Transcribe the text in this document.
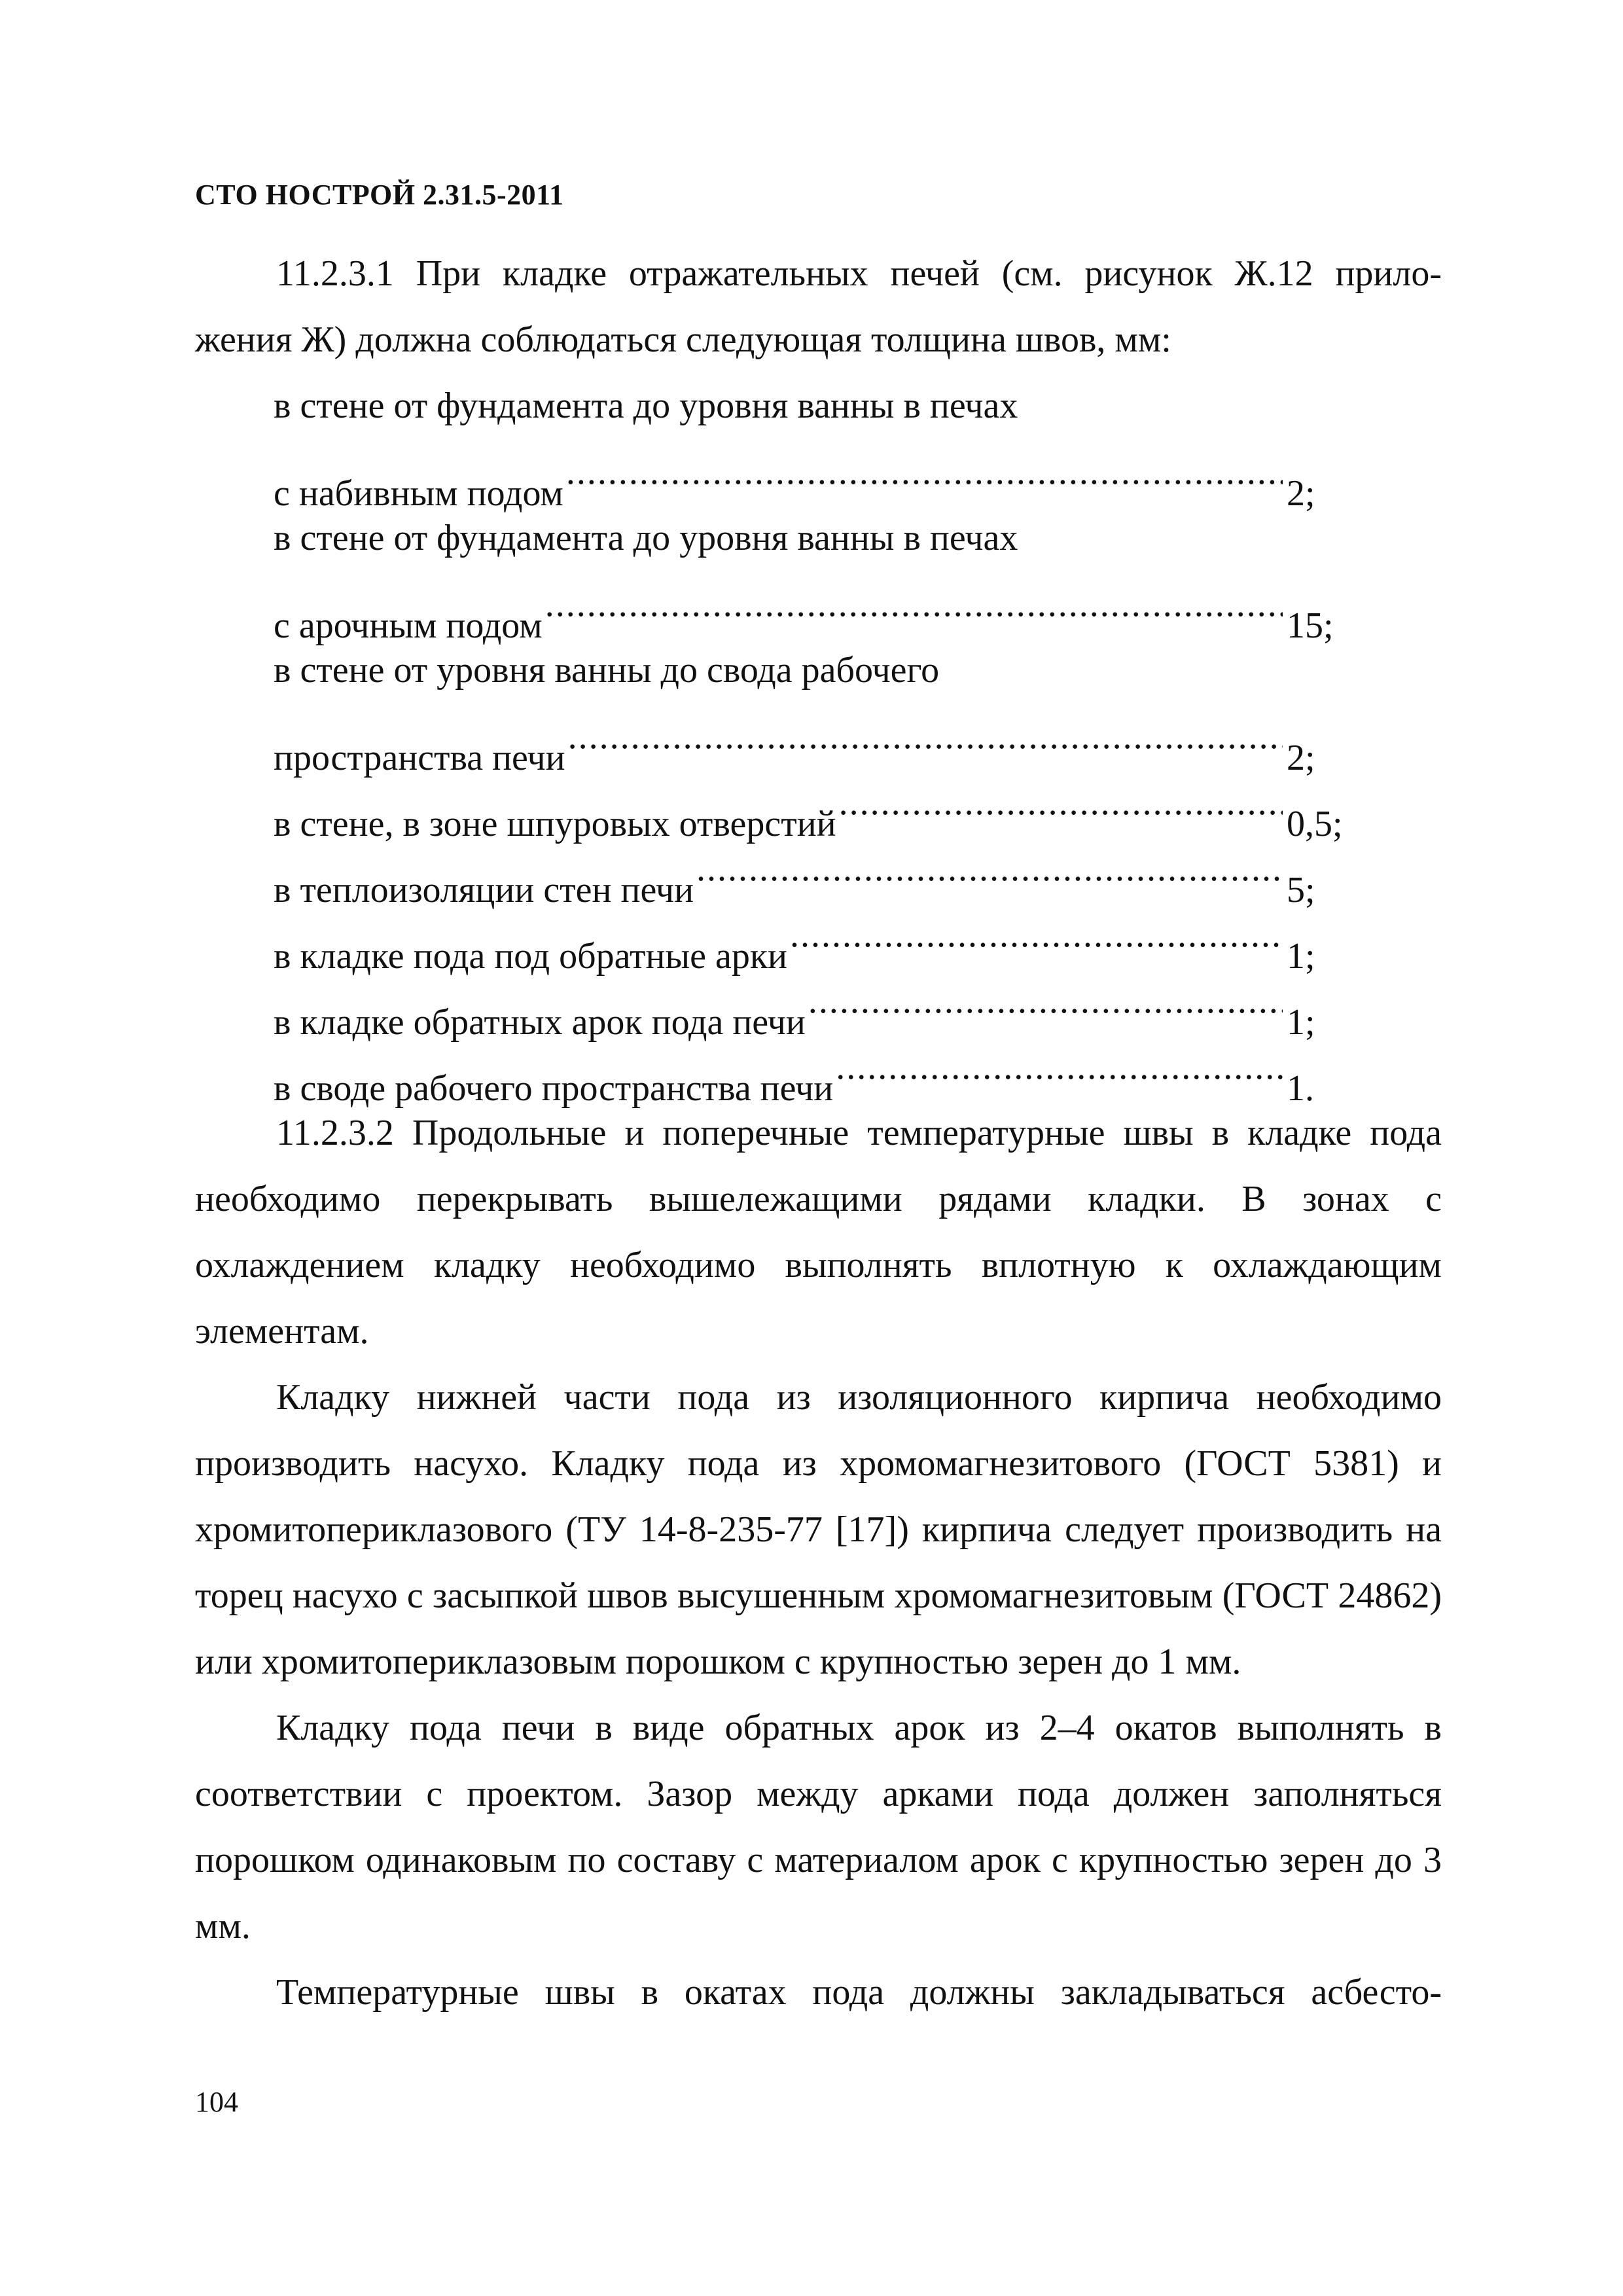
СТО НОСТРОЙ 2.31.5-2011
11.2.3.1 При кладке отражательных печей (см. рисунок Ж.12 прило-
жения Ж) должна соблюдаться следующая толщина швов, мм:
в стене от фундамента до уровня ванны в печах
с набивным подом .....	2;
в стене от фундамента до уровня ванны в печах
с арочным подом .....	15;
в стене от уровня ванны до свода рабочего
пространства печи .....	2;
в стене, в зоне шпуровых отверстий .....	0,5;
в теплоизоляции стен печи .....	5;
в кладке пода под обратные арки .....	1;
в кладке обратных арок пода печи .....	1;
в своде рабочего пространства печи .....	1.

11.2.3.2 Продольные и поперечные температурные швы в кладке пода необходимо перекрывать вышележащими рядами кладки. В зонах с охлаждением кладку необходимо выполнять вплотную к охлаждающим элементам.

Кладку нижней части пода из изоляционного кирпича необходимо производить насухо. Кладку пода из хромомагнезитового (ГОСТ 5381) и хромитопериклазового (ТУ 14-8-235-77 [17]) кирпича следует производить на торец насухо с засыпкой швов высушенным хромомагнезитовым (ГОСТ 24862) или хромитопериклазовым порошком с крупностью зерен до 1 мм.

Кладку пода печи в виде обратных арок из 2–4 окатов выполнять в соответствии с проектом. Зазор между арками пода должен заполняться порошком одинаковым по составу с материалом арок с крупностью зерен до 3 мм.

Температурные швы в окатах пода должны закладываться асбесто-

104
